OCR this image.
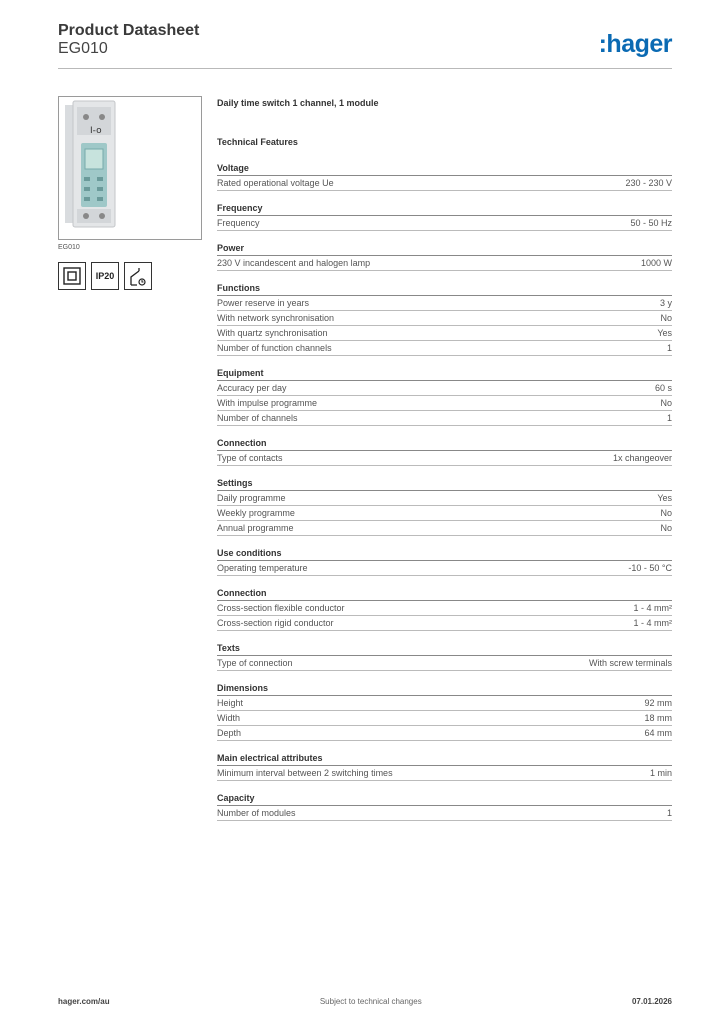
Product Datasheet
EG010	:hager
I-o
EG010
IP20
Daily time switch 1 channel, 1 module
Technical Features
Voltage
Rated operational voltage Ue	230 - 230 V
Frequency
Frequency	50 - 50 Hz
Power
230 V incandescent and halogen lamp	1000 W
Functions
Power reserve in years	3 y
With network synchronisation	No
With quartz synchronisation	Yes
Number of function channels	1
Equipment
Accuracy per day	60 s
With impulse programme	No
Number of channels	1
Connection
Type of contacts	1x changeover
Settings
Daily programme	Yes
Weekly programme	No
Annual programme	No
Use conditions
Operating temperature	-10 - 50 °C
Connection
Cross-section flexible conductor	1 - 4 mm²
Cross-section rigid conductor	1 - 4 mm²
Texts
Type of connection	With screw terminals
Dimensions
Height	92 mm
Width	18 mm
Depth	64 mm
Main electrical attributes
Minimum interval between 2 switching times	1 min
Capacity
Number of modules	1
hager.com/au	Subject to technical changes	07.01.2026
